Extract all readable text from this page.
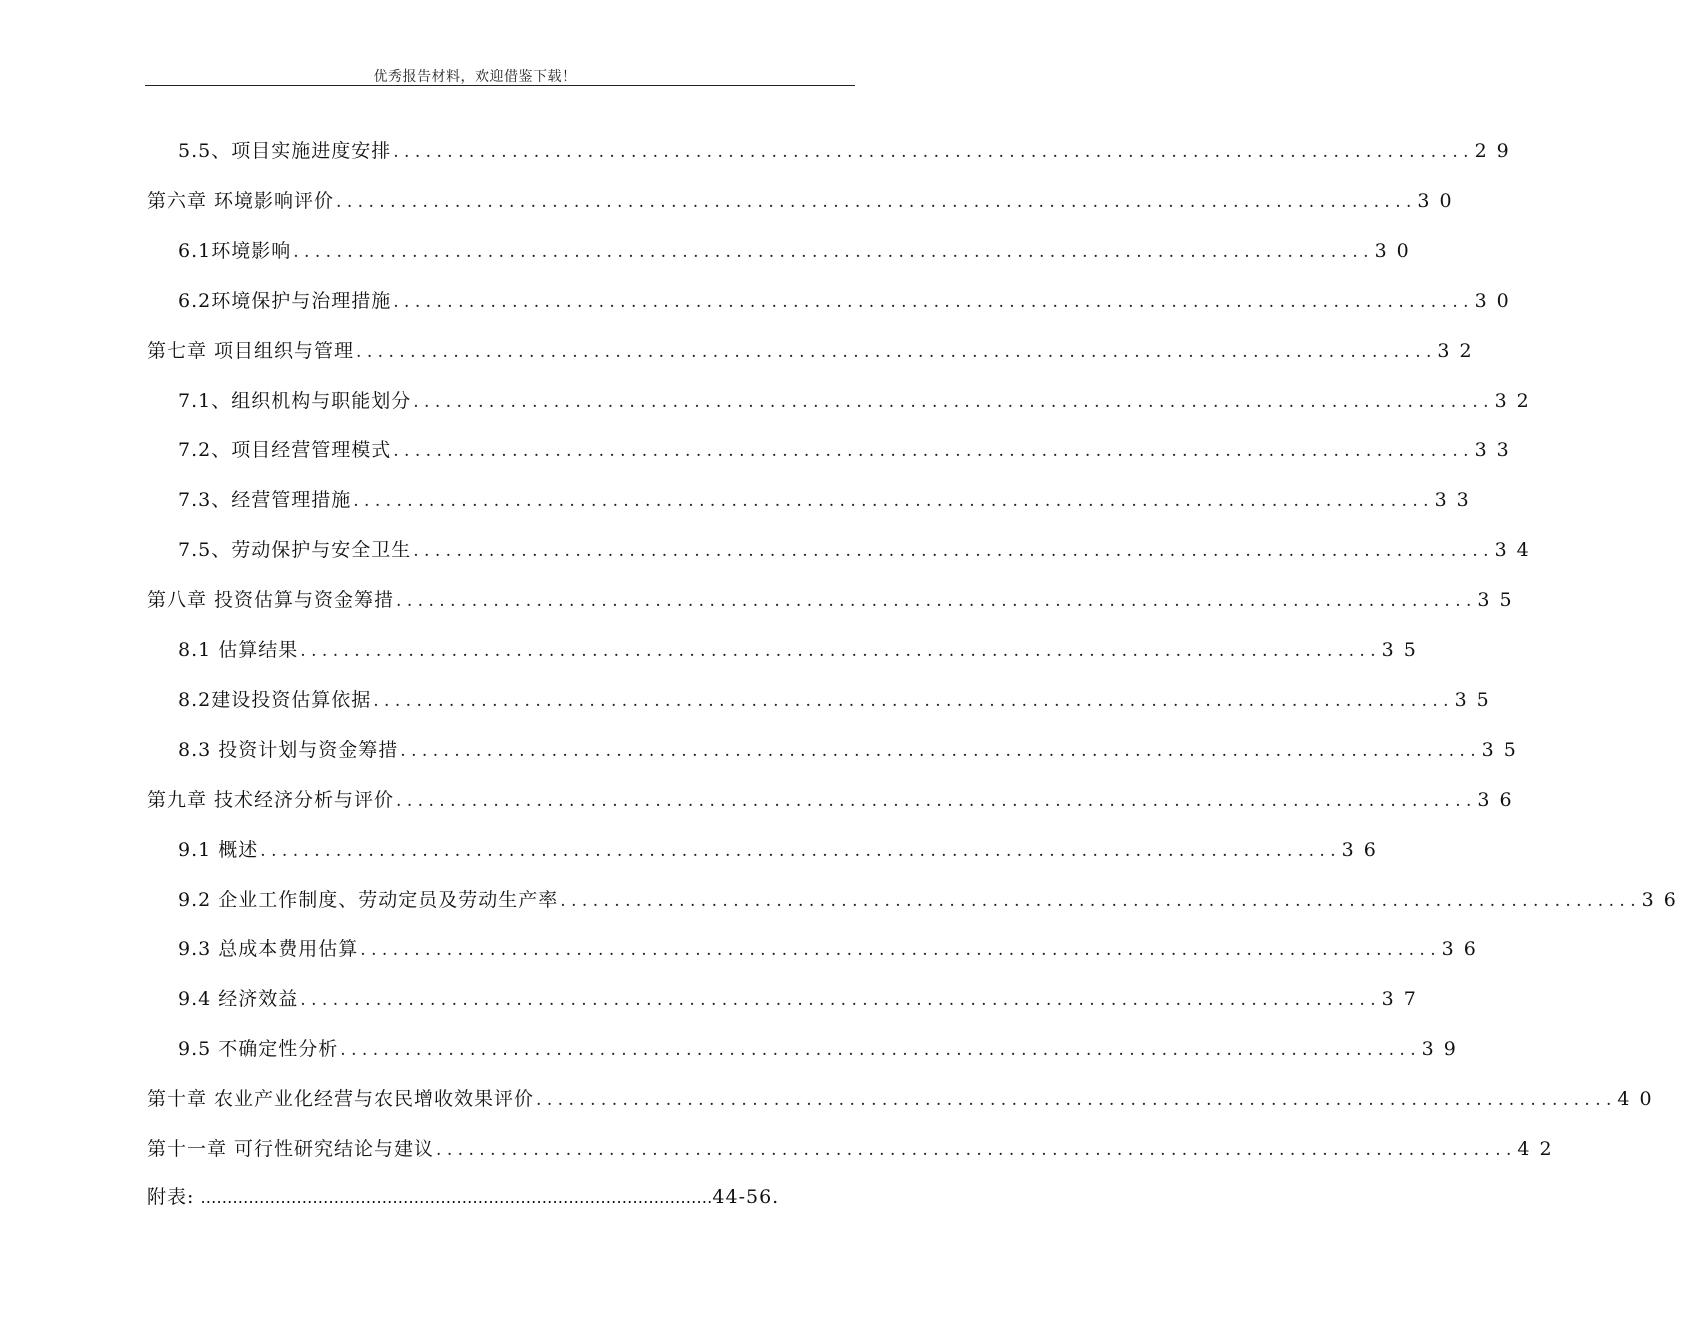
优秀报告材料，欢迎借鉴下载！
5.5、项目实施进度安排 . . .	29
第六章 环境影响评价 . . .	30
6.1环境影响 . . .	30
6.2环境保护与治理措施 . . .	30
第七章 项目组织与管理 . . .	32
7.1、组织机构与职能划分 . . .	32
7.2、项目经营管理模式 . . .	33
7.3、经营管理措施 . . .	33
7.5、劳动保护与安全卫生 . . .	34
第八章 投资估算与资金筹措 . . .	35
8.1 估算结果 . . .	35
8.2建设投资估算依据 . . .	35
8.3 投资计划与资金筹措 . . .	35
第九章 技术经济分析与评价 . . .	36
9.1 概述 . . .	36
9.2 企业工作制度、劳动定员及劳动生产率 . . .	36
9.3 总成本费用估算 . . .	36
9.4 经济效益 . . .	37
9.5 不确定性分析 . . .	39
第十章 农业产业化经营与农民增收效果评价 . . .	40
第十一章 可行性研究结论与建议 . . .	42
附表: ……………………………………………………………………………………44-56.
